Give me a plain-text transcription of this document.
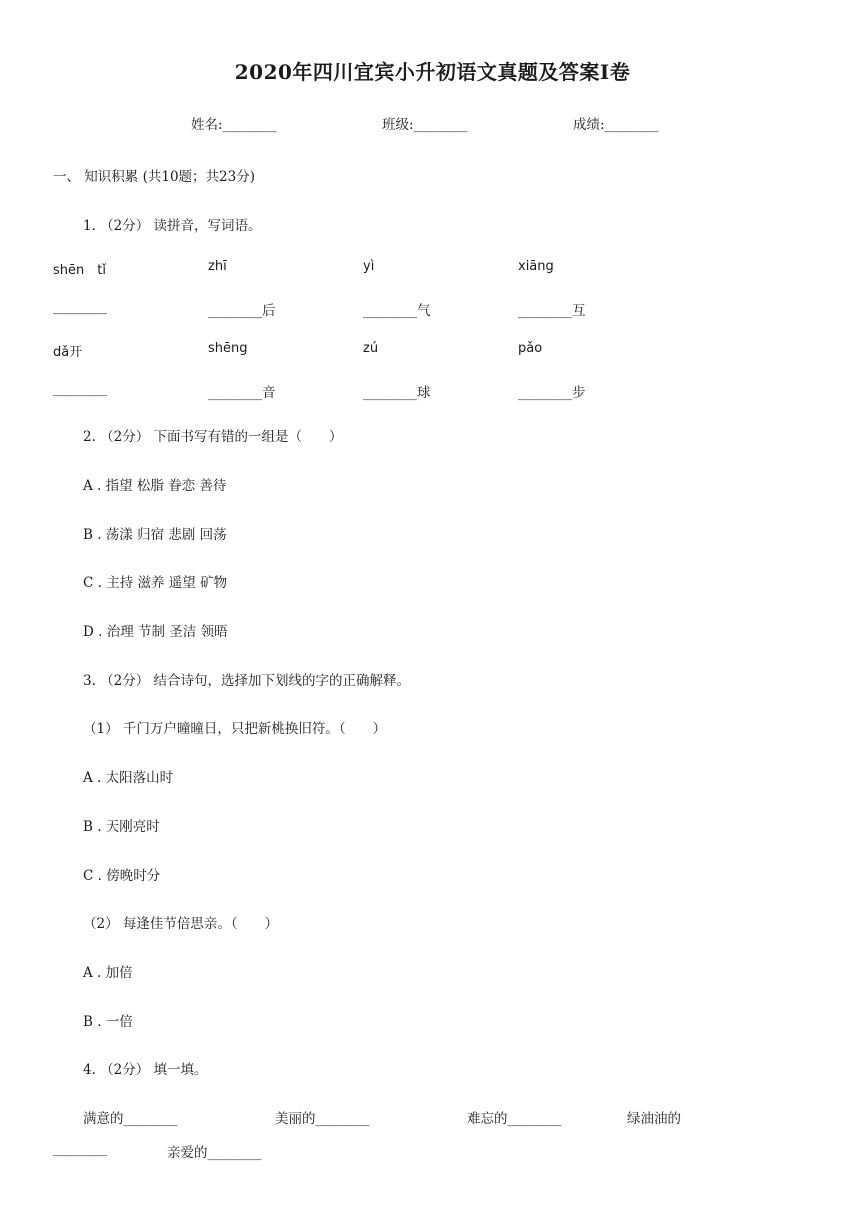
2020年四川宜宾小升初语文真题及答案Ⅰ卷
姓名:________	班级:________	成绩:________
一、 知识积累 (共10题；共23分)
1. （2分） 读拼音，写词语。
shēn　tǐ	zhī	yì	xiāng
________	________后	________气	________互
dǎ开	shēng	zú	pǎo
________	________音	________球	________步
2. （2分） 下面书写有错的一组是（　　）
A . 指望 松脂 眷恋 善待
B . 荡漾 归宿 悲剧 回荡
C . 主持 滋养 遥望 矿物
D . 治理 节制 圣洁 领晤
3. （2分） 结合诗句，选择加下划线的字的正确解释。
（1） 千门万户曈曈日，只把新桃换旧符。（　　）
A . 太阳落山时
B . 天刚亮时
C . 傍晚时分
（2） 每逢佳节倍思亲。（　　）
A . 加倍
B . 一倍
4. （2分） 填一填。
满意的________	美丽的________	难忘的________	绿油油的
________	亲爱的________
